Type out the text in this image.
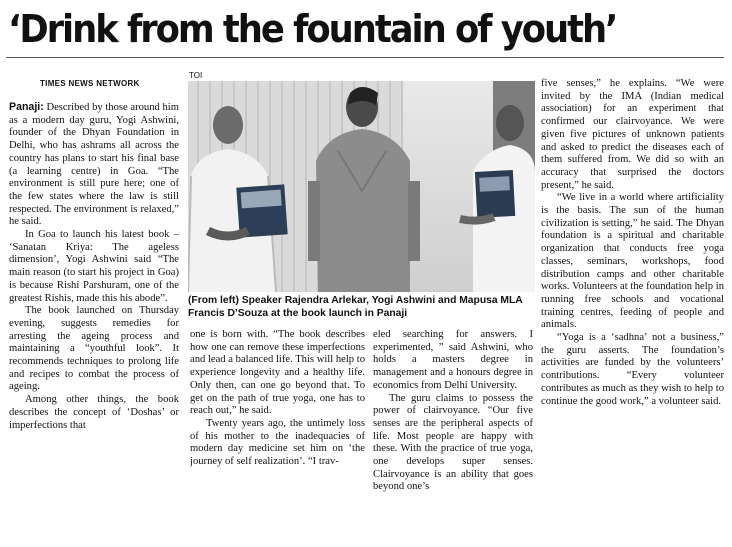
‘Drink from the fountain of youth’
TIMES NEWS NETWORK
TOI
(From left) Speaker Rajendra Arlekar, Yogi Ashwini and Mapusa MLA
Francis D’Souza at the book launch in Panaji

Panaji: Described by those around him as a modern day guru, Yogi Ashwini, founder of the Dhyan Foundation in Delhi, who has ashrams all across the country has plans to start his final base (a learning centre) in Goa. “The environment is still pure here; one of the few states where the law is still respected. The environment is relaxed,” he said.

In Goa to launch his latest book – ‘Sanatan Kriya: The ageless dimension’, Yogi Ashwini said “The main reason (to start his project in Goa) is because Rishi Parshuram, one of the greatest Rishis, made this his abode”.

The book launched on Thursday evening, suggests remedies for arresting the ageing process and maintaining a “youthful look”. It recommends techniques to prolong life and recipes to combat the process of ageing.

Among other things, the book describes the concept of ‘Doshas’ or imperfections that

one is born with. “The book describes how one can remove these imperfections and lead a balanced life. This will help to experience longevity and a healthy life. Only then, can one go beyond that. To get on the path of true yoga, one has to reach out,” he said.

Twenty years ago, the untimely loss of his mother to the inadequacies of modern day medicine set him on ‘the journey of self realization’. “I trav-

eled searching for answers. I experimented, ” said Ashwini, who holds a masters degree in management and a honours degree in economics from Delhi University.

The guru claims to possess the power of clairvoyance. “Our five senses are the peripheral aspects of life. Most people are happy with these. With the practice of true yoga, one develops super senses. Clairvoyance is an ability that goes beyond one’s

five senses,” he explains. “We were invited by the IMA (Indian medical association) for an experiment that confirmed our clairvoyance. We were given five pictures of unknown patients and asked to predict the diseases each of them suffered from. We did so with an accuracy that surprised the doctors present,” he said.

“We live in a world where artificiality is the basis. The sun of the human civilization is setting,” he said. The Dhyan foundation is a spiritual and charitable organization that conducts free yoga classes, seminars, workshops, food distribution camps and other charitable works. Volunteers at the foundation help in running free schools and vocational training centres, feeding of people and animals.

“Yoga is a ‘sadhna’ not a business,” the guru asserts. The foundation’s activities are funded by the volunteers’ contributions. “Every volunteer contributes as much as they wish to help to continue the good work,” a volunteer said.
